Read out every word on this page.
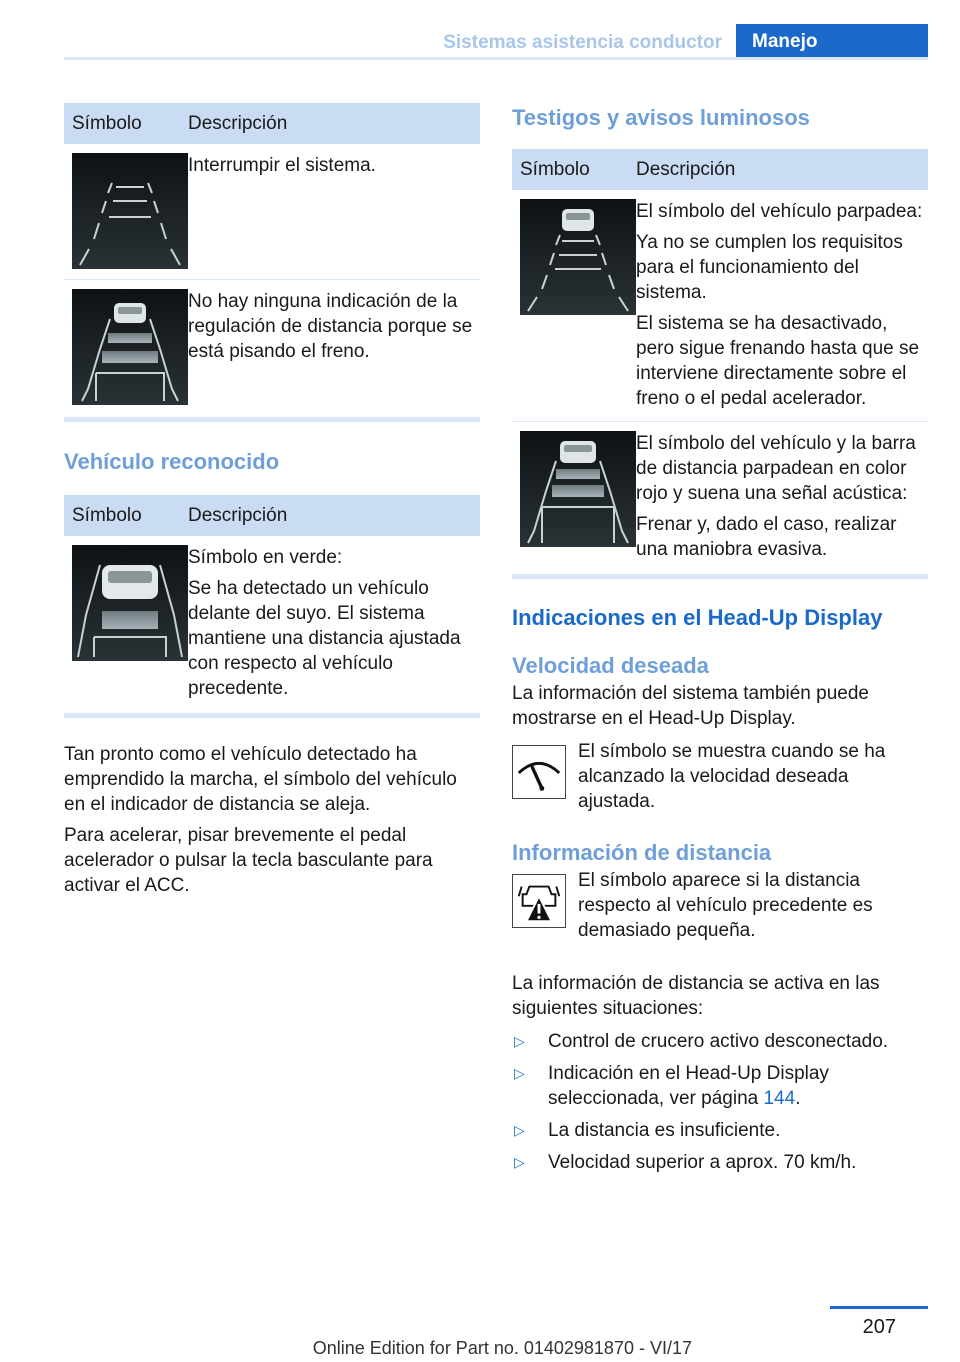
Sistemas asistencia conductor	Manejo
Símbolo	Descripción

Interrumpir el sistema.

No hay ninguna indicación de la regulación de distancia porque se está pisando el freno.

Vehículo reconocido
Símbolo	Descripción

Símbolo en verde:

Se ha detectado un vehículo delante del suyo. El sistema mantiene una distancia ajustada con respecto al vehículo precedente.

Tan pronto como el vehículo detectado ha emprendido la marcha, el símbolo del vehículo en el indicador de distancia se aleja.

Para acelerar, pisar brevemente el pedal acelerador o pulsar la tecla basculante para activar el ACC.

Testigos y avisos luminosos
Símbolo	Descripción

El símbolo del vehículo parpadea:

Ya no se cumplen los requisitos para el funcionamiento del sistema.

El sistema se ha desactivado, pero sigue frenando hasta que se interviene directamente sobre el freno o el pedal acelerador.

El símbolo del vehículo y la barra de distancia parpadean en color rojo y suena una señal acústica:

Frenar y, dado el caso, realizar una maniobra evasiva.

Indicaciones en el Head-Up Display
Velocidad deseada

La información del sistema también puede mostrarse en el Head-Up Display.

El símbolo se muestra cuando se ha alcanzado la velocidad deseada ajustada.
Información de distancia
El símbolo aparece si la distancia respecto al vehículo precedente es demasiado pequeña.

La información de distancia se activa en las siguientes situaciones:

▷	Control de crucero activo desconectado.
▷	Indicación en el Head-Up Display seleccionada, ver página 144.
▷	La distancia es insuficiente.
▷	Velocidad superior a aprox. 70 km/h.
207
Online Edition for Part no. 01402981870 - VI/17
